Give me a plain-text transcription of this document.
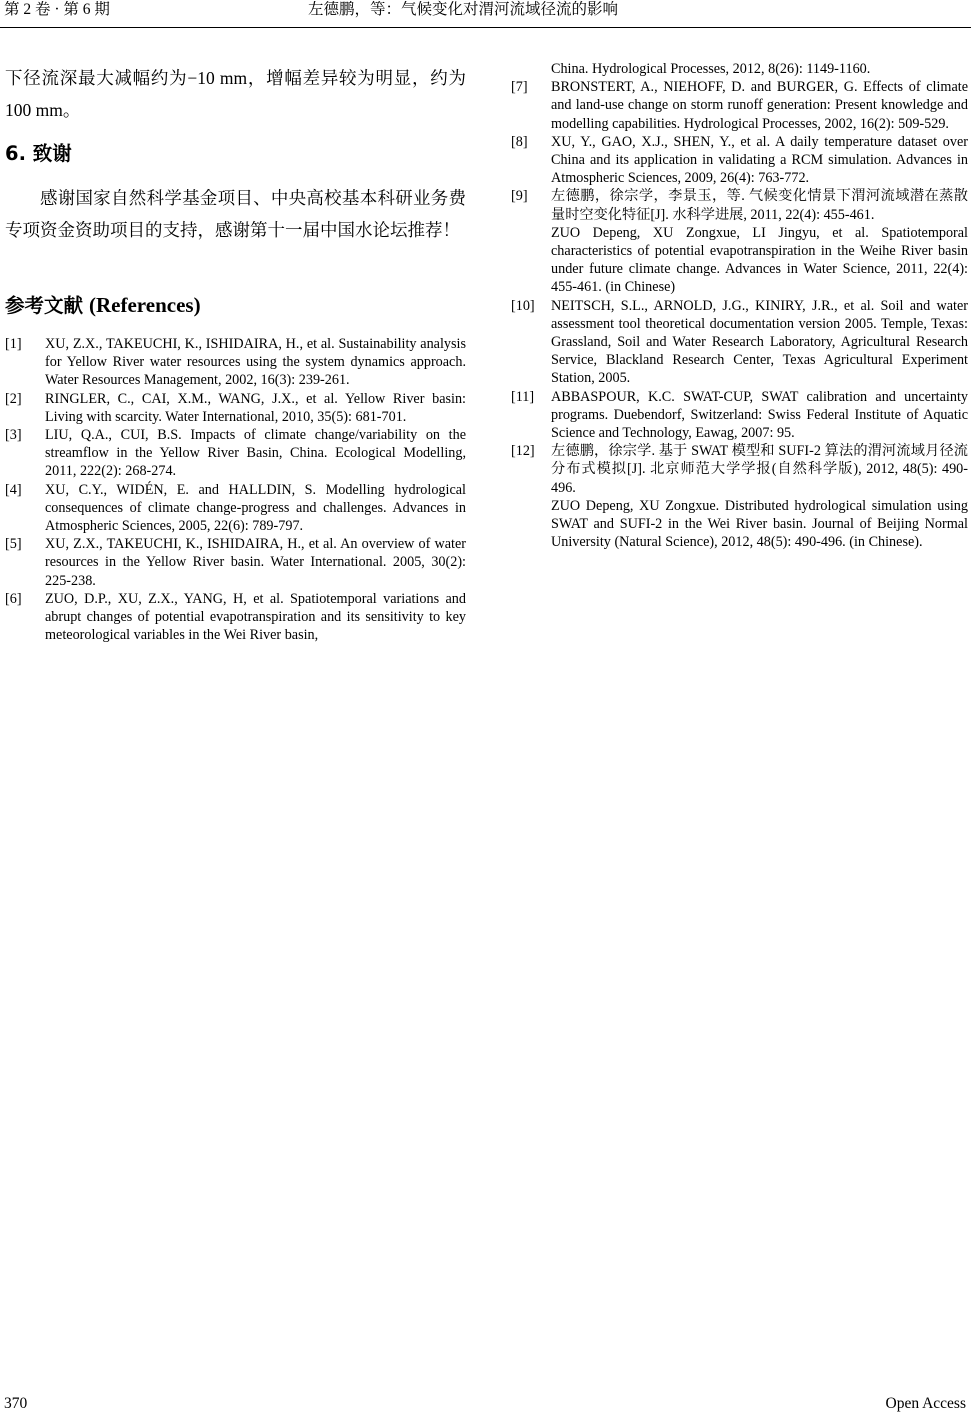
第 2 卷 · 第 6 期	左德鹏，等：气候变化对渭河流域径流的影响

下径流深最大减幅约为−10 mm，增幅差异较为明显，约为 100 mm。

6. 致谢

感谢国家自然科学基金项目、中央高校基本科研业务费专项资金资助项目的支持，感谢第十一届中国水论坛推荐！

参考文献 (References)
[1]	XU, Z.X., TAKEUCHI, K., ISHIDAIRA, H., et al. Sustainability analysis for Yellow River water resources using the system dynamics approach. Water Resources Management, 2002, 16(3): 239-261.
[2]	RINGLER, C., CAI, X.M., WANG, J.X., et al. Yellow River basin: Living with scarcity. Water International, 2010, 35(5): 681-701.
[3]	LIU, Q.A., CUI, B.S. Impacts of climate change/variability on the streamflow in the Yellow River Basin, China. Ecological Modelling, 2011, 222(2): 268-274.
[4]	XU, C.Y., WIDÉN, E. and HALLDIN, S. Modelling hydrological consequences of climate change-progress and challenges. Advances in Atmospheric Sciences, 2005, 22(6): 789-797.
[5]	XU, Z.X., TAKEUCHI, K., ISHIDAIRA, H., et al. An overview of water resources in the Yellow River basin. Water International. 2005, 30(2): 225-238.
[6]	ZUO, D.P., XU, Z.X., YANG, H, et al. Spatiotemporal variations and abrupt changes of potential evapotranspiration and its sensitivity to key meteorological variables in the Wei River basin,
China. Hydrological Processes, 2012, 8(26): 1149-1160.
[7]	BRONSTERT, A., NIEHOFF, D. and BURGER, G. Effects of climate and land-use change on storm runoff generation: Present knowledge and modelling capabilities. Hydrological Processes, 2002, 16(2): 509-529.
[8]	XU, Y., GAO, X.J., SHEN, Y., et al. A daily temperature dataset over China and its application in validating a RCM simulation. Advances in Atmospheric Sciences, 2009, 26(4): 763-772.
[9]	左德鹏，徐宗学，李景玉，等. 气候变化情景下渭河流域潜在蒸散量时空变化特征[J]. 水科学进展, 2011, 22(4): 455-461.
ZUO Depeng, XU Zongxue, LI Jingyu, et al. Spatiotemporal characteristics of potential evapotranspiration in the Weihe River basin under future climate change. Advances in Water Science, 2011, 22(4): 455-461. (in Chinese)
[10]	NEITSCH, S.L., ARNOLD, J.G., KINIRY, J.R., et al. Soil and water assessment tool theoretical documentation version 2005. Temple, Texas: Grassland, Soil and Water Research Laboratory, Agricultural Research Service, Blackland Research Center, Texas Agricultural Experiment Station, 2005.
[11]	ABBASPOUR, K.C. SWAT-CUP, SWAT calibration and uncertainty programs. Duebendorf, Switzerland: Swiss Federal Institute of Aquatic Science and Technology, Eawag, 2007: 95.
[12]	左德鹏，徐宗学. 基于 SWAT 模型和 SUFI-2 算法的渭河流域月径流分布式模拟[J]. 北京师范大学学报(自然科学版), 2012, 48(5): 490-496.
ZUO Depeng, XU Zongxue. Distributed hydrological simulation using SWAT and SUFI-2 in the Wei River basin. Journal of Beijing Normal University (Natural Science), 2012, 48(5): 490-496. (in Chinese).
370	Open Access
